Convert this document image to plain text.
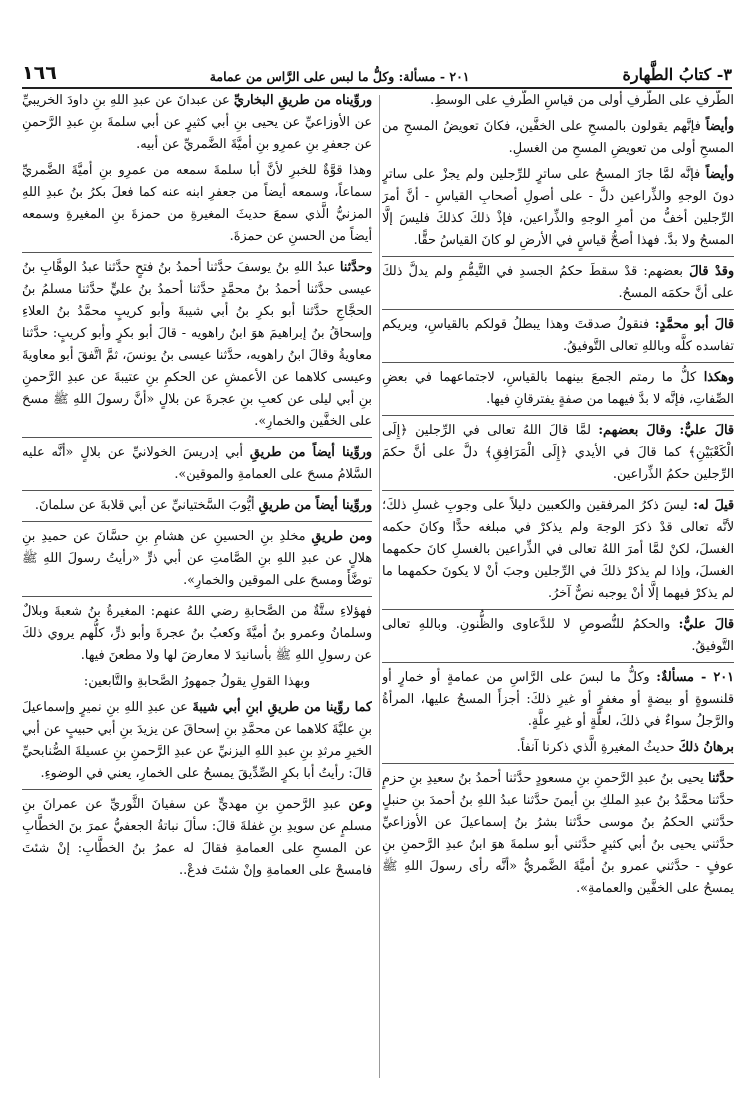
٣- كتابُ الطَّهارة
٢٠١ - مسألة: وكلُّ ما لبس على الرَّاس من عمامة
١٦٦

الطَّرفِ على الطَّرفِ أولى من قياسِ الطَّرفِ على الوسطِ.

وأيضاً فإنَّهم يقولون بالمسحِ على الخفَّين، فكانَ تعويضُ المسحِ من المسحِ أولى من تعويضِ المسحِ من الغسلِ.

وأيضاً فإنَّه لمَّا جازَ المسحُ على ساترٍ للرِّجلين ولم يجزْ على ساترٍ دونَ الوجهِ والذِّراعين دلَّ - على أصولِ أصحابِ القياسِ - أنَّ أمرَ الرِّجلين أخفُّ من أمرِ الوجهِ والذِّراعين، فإذْ ذلكَ كذلكَ فليسَ إلَّا المسحُ ولا بدَّ. فهذا أصحُّ قياسٍ في الأرضِ لو كانَ القياسُ حقًّا.

وقدْ قالَ بعضهم: قدْ سقطَ حكمُ الجسدِ في التَّيمُّمِ ولم يدلَّ ذلكَ على أنَّ حكمَه المسحُ.

قالَ أبو محمَّدٍ: فنقولُ صدقتَ وهذا يبطلُ قولكم بالقياسِ، ويريكم تفاسده كلَّه وباللهِ تعالى التَّوفيقُ.

وهكذا كلُّ ما رمتم الجمعَ بينهما بالقياسِ، لاجتماعهما في بعضِ الصِّفاتِ، فإنَّه لا بدَّ فيهما من صفةٍ يفترقانِ فيها.

قالَ عليٌّ: وقالَ بعضهم: لمَّا قالَ اللهُ تعالى في الرِّجلين ﴿إِلَى الْكَعْبَيْنِ﴾ كما قالَ في الأيدي ﴿إِلَى الْمَرَافِقِ﴾ دلَّ على أنَّ حكمَ الرِّجلين حكمُ الذِّراعين.

قيلَ له: ليسَ ذكرُ المرفقين والكعبين دليلاً على وجوبِ غسلِ ذلكَ؛ لأنَّه تعالى قدْ ذكرَ الوجهَ ولم يذكرْ في مبلغه حدًّا وكانَ حكمه الغسلَ، لكنْ لمَّا أمرَ اللهُ تعالى في الذِّراعين بالغسلِ كانَ حكمهما الغسلَ، وإذا لم يذكرْ ذلكَ في الرِّجلين وجبَ أنْ لا يكونَ حكمهما ما لم يذكرْ فيهما إلَّا أنْ يوجبه نصٌّ آخرُ.

قالَ عليٌّ: والحكمُ للنُّصوصِ لا للدَّعاوى والظُّنونِ. وباللهِ تعالى التَّوفيقُ.

٢٠١ - مسألةٌ: وكلُّ ما لبسَ على الرَّاسِ من عمامةٍ أو خمارٍ أو قلنسوةٍ أو بيضةٍ أو مغفرٍ أو غيرِ ذلكَ: أجزأَ المسحُ عليها، المرأةُ والرَّجلُ سواءٌ في ذلكَ، لعلَّةٍ أو غيرِ علَّةٍ.

برهانُ ذلكَ حديثُ المغيرةِ الَّذي ذكرنا آنفاً.

حدَّثنا يحيى بنُ عبدِ الرَّحمنِ بنِ مسعودٍ حدَّثنا أحمدُ بنُ سعيدِ بنِ حزمٍ حدَّثنا محمَّدُ بنُ عبدِ الملكِ بنِ أيمنَ حدَّثنا عبدُ اللهِ بنُ أحمدَ بنِ حنبلٍ حدَّثني الحكمُ بنُ موسى حدَّثنا بشرُ بنُ إسماعيلَ عن الأوزاعيِّ حدَّثني يحيى بنُ أبي كثيرٍ حدَّثني أبو سلمةَ هوَ ابنُ عبدِ الرَّحمنِ بنِ عوفٍ - حدَّثني عمرو بنُ أميَّةَ الضَّمريُّ «أنَّه رأى رسولَ اللهِ ﷺ يمسحُ على الخفَّين والعمامةِ».

وروِّيناه من طريقِ البخاريِّ عن عبدانَ عن عبدِ اللهِ بنِ داودَ الخريبيِّ عن الأوزاعيِّ عن يحيى بنِ أبي كثيرٍ عن أبي سلمةَ بنِ عبدِ الرَّحمنِ عن جعفرِ بنِ عمرِو بنِ أميَّةَ الضَّمريِّ عن أبيه.

وهذا قوَّةٌ للخبرِ لأنَّ أبا سلمةَ سمعه من عمرِو بنِ أميَّةَ الضَّمريِّ سماعاً، وسمعه أيضاً من جعفرِ ابنه عنه كما فعلَ بكرُ بنُ عبدِ اللهِ المزنيُّ الَّذي سمعَ حديثَ المغيرةِ من حمزةَ بنِ المغيرةِ وسمعه أيضاً من الحسنِ عن حمزةَ.

وحدَّثنا عبدُ اللهِ بنُ يوسفَ حدَّثنا أحمدُ بنُ فتحٍ حدَّثنا عبدُ الوهَّابِ بنُ عيسى حدَّثنا أحمدُ بنُ محمَّدٍ حدَّثنا أحمدُ بنُ عليٍّ حدَّثنا مسلمُ بنُ الحجَّاجِ حدَّثنا أبو بكرِ بنُ أبي شيبةَ وأبو كريبٍ محمَّدُ بنُ العلاءِ وإسحاقُ بنُ إبراهيمَ هوَ ابنُ راهويه - قالَ أبو بكرٍ وأبو كريبٍ: حدَّثنا معاويةُ وقالَ ابنُ راهويه، حدَّثنا عيسى بنُ يونسَ، ثمَّ اتَّفقَ أبو معاويةَ وعيسى كلاهما عن الأعمشِ عن الحكمِ بنِ عتيبةَ عن عبدِ الرَّحمنِ بنِ أبي ليلى عن كعبِ بنِ عجرةَ عن بلالٍ «أنَّ رسولَ اللهِ ﷺ مسحَ على الخفَّين والخمارِ».

وروِّينا أيضاً من طريقِ أبي إدريسَ الخولانيِّ عن بلالٍ «أنَّه عليه السَّلامُ مسحَ على العمامةِ والموقين».

وروِّينا أيضاً من طريقِ أيُّوبَ السَّختيانيِّ عن أبي قلابةَ عن سلمانَ.

ومن طريقِ مخلدِ بنِ الحسينِ عن هشامِ بنِ حسَّانَ عن حميدِ بنِ هلالٍ عن عبدِ اللهِ بنِ الصَّامتِ عن أبي ذرٍّ «رأيتُ رسولَ اللهِ ﷺ توضَّأَ ومسحَ على الموقين والخمارِ».

فهؤلاءِ ستَّةٌ من الصَّحابةِ رضي اللهُ عنهم: المغيرةُ بنُ شعبةَ وبلالٌ وسلمانُ وعمرو بنُ أميَّةَ وكعبُ بنُ عجرةَ وأبو ذرٍّ، كلُّهم يروي ذلكَ عن رسولِ اللهِ ﷺ بأسانيدَ لا معارضَ لها ولا مطعنَ فيها.

وبهذا القولِ يقولُ جمهورُ الصَّحابةِ والتَّابعين:

كما روِّينا من طريقِ ابنِ أبي شيبةَ عن عبدِ اللهِ بنِ نميرٍ وإسماعيلَ بنِ عليَّةَ كلاهما عن محمَّدِ بنِ إسحاقَ عن يزيدَ بنِ أبي حبيبٍ عن أبي الخيرِ مرثدِ بنِ عبدِ اللهِ اليزنيِّ عن عبدِ الرَّحمنِ بنِ عسيلةَ الصُّنابحيِّ قالَ: رأيتُ أبا بكرٍ الصِّدِّيقَ يمسحُ على الخمارِ، يعني في الوضوءِ.

وعن عبدِ الرَّحمنِ بنِ مهديٍّ عن سفيانَ الثَّوريِّ عن عمرانَ بنِ مسلمٍ عن سويدِ بنِ غفلةَ قالَ: سألَ نباتةُ الجعفيُّ عمرَ بنَ الخطَّابِ عن المسحِ على العمامةِ فقالَ له عمرُ بنُ الخطَّابِ: إنْ شئتَ فامسحْ على العمامةِ وإنْ شئتَ فدعْ..
